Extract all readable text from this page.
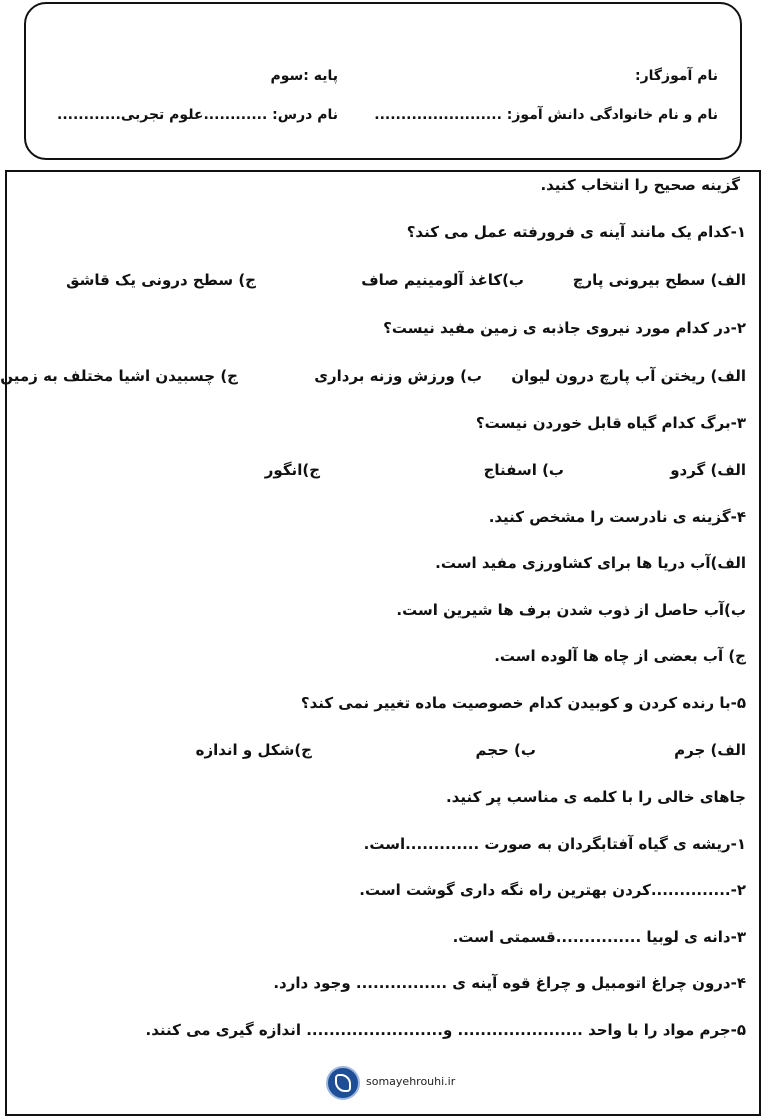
نام آموزگار:
پایه :سوم
نام و نام خانوادگی دانش آموز: ........................
نام درس: ............علوم تجربی............
گزینه صحیح را انتخاب کنید.
۱-کدام یک مانند آینه ی فرورفته عمل می کند؟
الف) سطح بیرونی پارچ
ب)کاغذ آلومینیم صاف
ج) سطح درونی یک قاشق
۲-در کدام مورد نیروی جاذبه ی زمین مفید نیست؟
الف) ریختن آب پارچ درون لیوان
ب) ورزش وزنه برداری
ج) چسبیدن اشیا مختلف به زمین
۳-برگ کدام گیاه قابل خوردن نیست؟
الف) گردو
ب) اسفناج
ج)انگور
۴-گزینه ی نادرست را مشخص کنید.
الف)آب دریا ها برای کشاورزی مفید است.
ب)آب حاصل از ذوب شدن برف ها شیرین است.
ج) آب بعضی از چاه ها آلوده است.
۵-با رنده کردن و کوبیدن کدام خصوصیت ماده تغییر نمی کند؟
الف) جرم
ب) حجم
ج)شکل و اندازه
جاهای خالی را با کلمه ی مناسب پر کنید.
۱-ریشه ی گیاه آفتابگردان به صورت .............است.
۲-..............کردن بهترین راه نگه داری گوشت است.
۳-دانه ی لوبیا ...............قسمتی است.
۴-درون چراغ اتومبیل و چراغ قوه آینه ی ................ وجود دارد.
۵-جرم مواد را با واحد ...................... و........................ اندازه گیری می کنند.
somayehrouhi.ir
